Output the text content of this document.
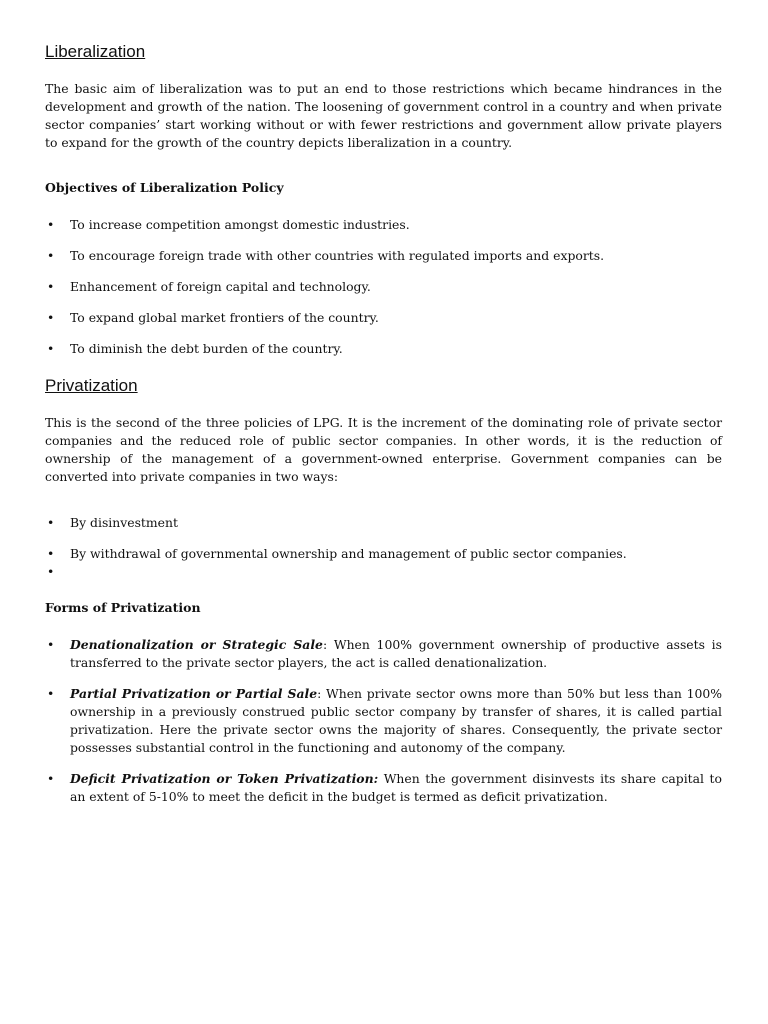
Liberalization

The basic aim of liberalization was to put an end to those restrictions which became hindrances in the development and growth of the nation. The loosening of government control in a country and when private sector companies’ start working without or with fewer restrictions and government allow private players to expand for the growth of the country depicts liberalization in a country.

Objectives of Liberalization Policy
• To increase competition amongst domestic industries.
• To encourage foreign trade with other countries with regulated imports and exports.
• Enhancement of foreign capital and technology.
• To expand global market frontiers of the country.
• To diminish the debt burden of the country.
Privatization

This is the second of the three policies of LPG. It is the increment of the dominating role of private sector companies and the reduced role of public sector companies. In other words, it is the reduction of ownership of the management of a government-owned enterprise. Government companies can be converted into private companies in two ways:

• By disinvestment
• By withdrawal of governmental ownership and management of public sector companies.
•
Forms of Privatization
• Denationalization or Strategic Sale: When 100% government ownership of productive assets is transferred to the private sector players, the act is called denationalization.
• Partial Privatization or Partial Sale: When private sector owns more than 50% but less than 100% ownership in a previously construed public sector company by transfer of shares, it is called partial privatization. Here the private sector owns the majority of shares. Consequently, the private sector possesses substantial control in the functioning and autonomy of the company.
• Deficit Privatization or Token Privatization: When the government disinvests its share capital to an extent of 5-10% to meet the deficit in the budget is termed as deficit privatization.
